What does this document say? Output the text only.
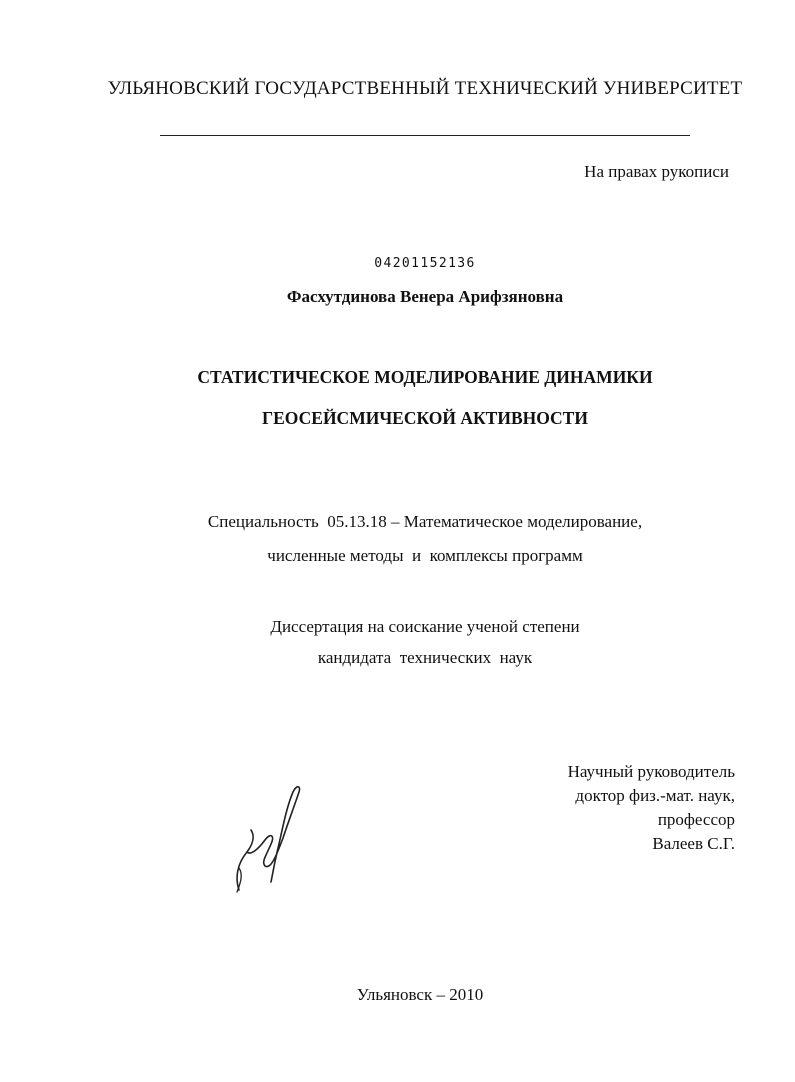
УЛЬЯНОВСКИЙ ГОСУДАРСТВЕННЫЙ ТЕХНИЧЕСКИЙ УНИВЕРСИТЕТ
На правах рукописи
04201152136
Фасхутдинова Венера Арифзяновна
СТАТИСТИЧЕСКОЕ МОДЕЛИРОВАНИЕ ДИНАМИКИ
ГЕОСЕЙСМИЧЕСКОЙ АКТИВНОСТИ
Специальность  05.13.18 – Математическое моделирование,
численные методы  и  комплексы программ
Диссертация на соискание ученой степени
кандидата  технических  наук
Научный руководитель
доктор физ.-мат. наук,
профессор
Валеев С.Г.
Ульяновск – 2010
